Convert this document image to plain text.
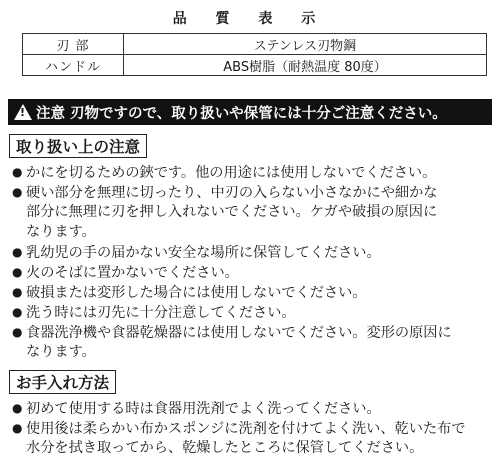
品 質 表 示
刃 部	ステンレス刃物鋼
ハンドル	ABS樹脂（耐熱温度 80度）
!
注意 刃物ですので、取り扱いや保管には十分ご注意ください。
取り扱い上の注意
● かにを切るための鋏です。他の用途には使用しないでください。
● 硬い部分を無理に切ったり、中刃の入らない小さなかにや細かな
部分に無理に刃を押し入れないでください。ケガや破損の原因に
なります。
● 乳幼児の手の届かない安全な場所に保管してください。
● 火のそばに置かないでください。
● 破損または変形した場合には使用しないでください。
● 洗う時には刃先に十分注意してください。
● 食器洗浄機や食器乾燥器には使用しないでください。変形の原因に
なります。
お手入れ方法
● 初めて使用する時は食器用洗剤でよく洗ってください。
● 使用後は柔らかい布かスポンジに洗剤を付けてよく洗い、乾いた布で
水分を拭き取ってから、乾燥したところに保管してください。
